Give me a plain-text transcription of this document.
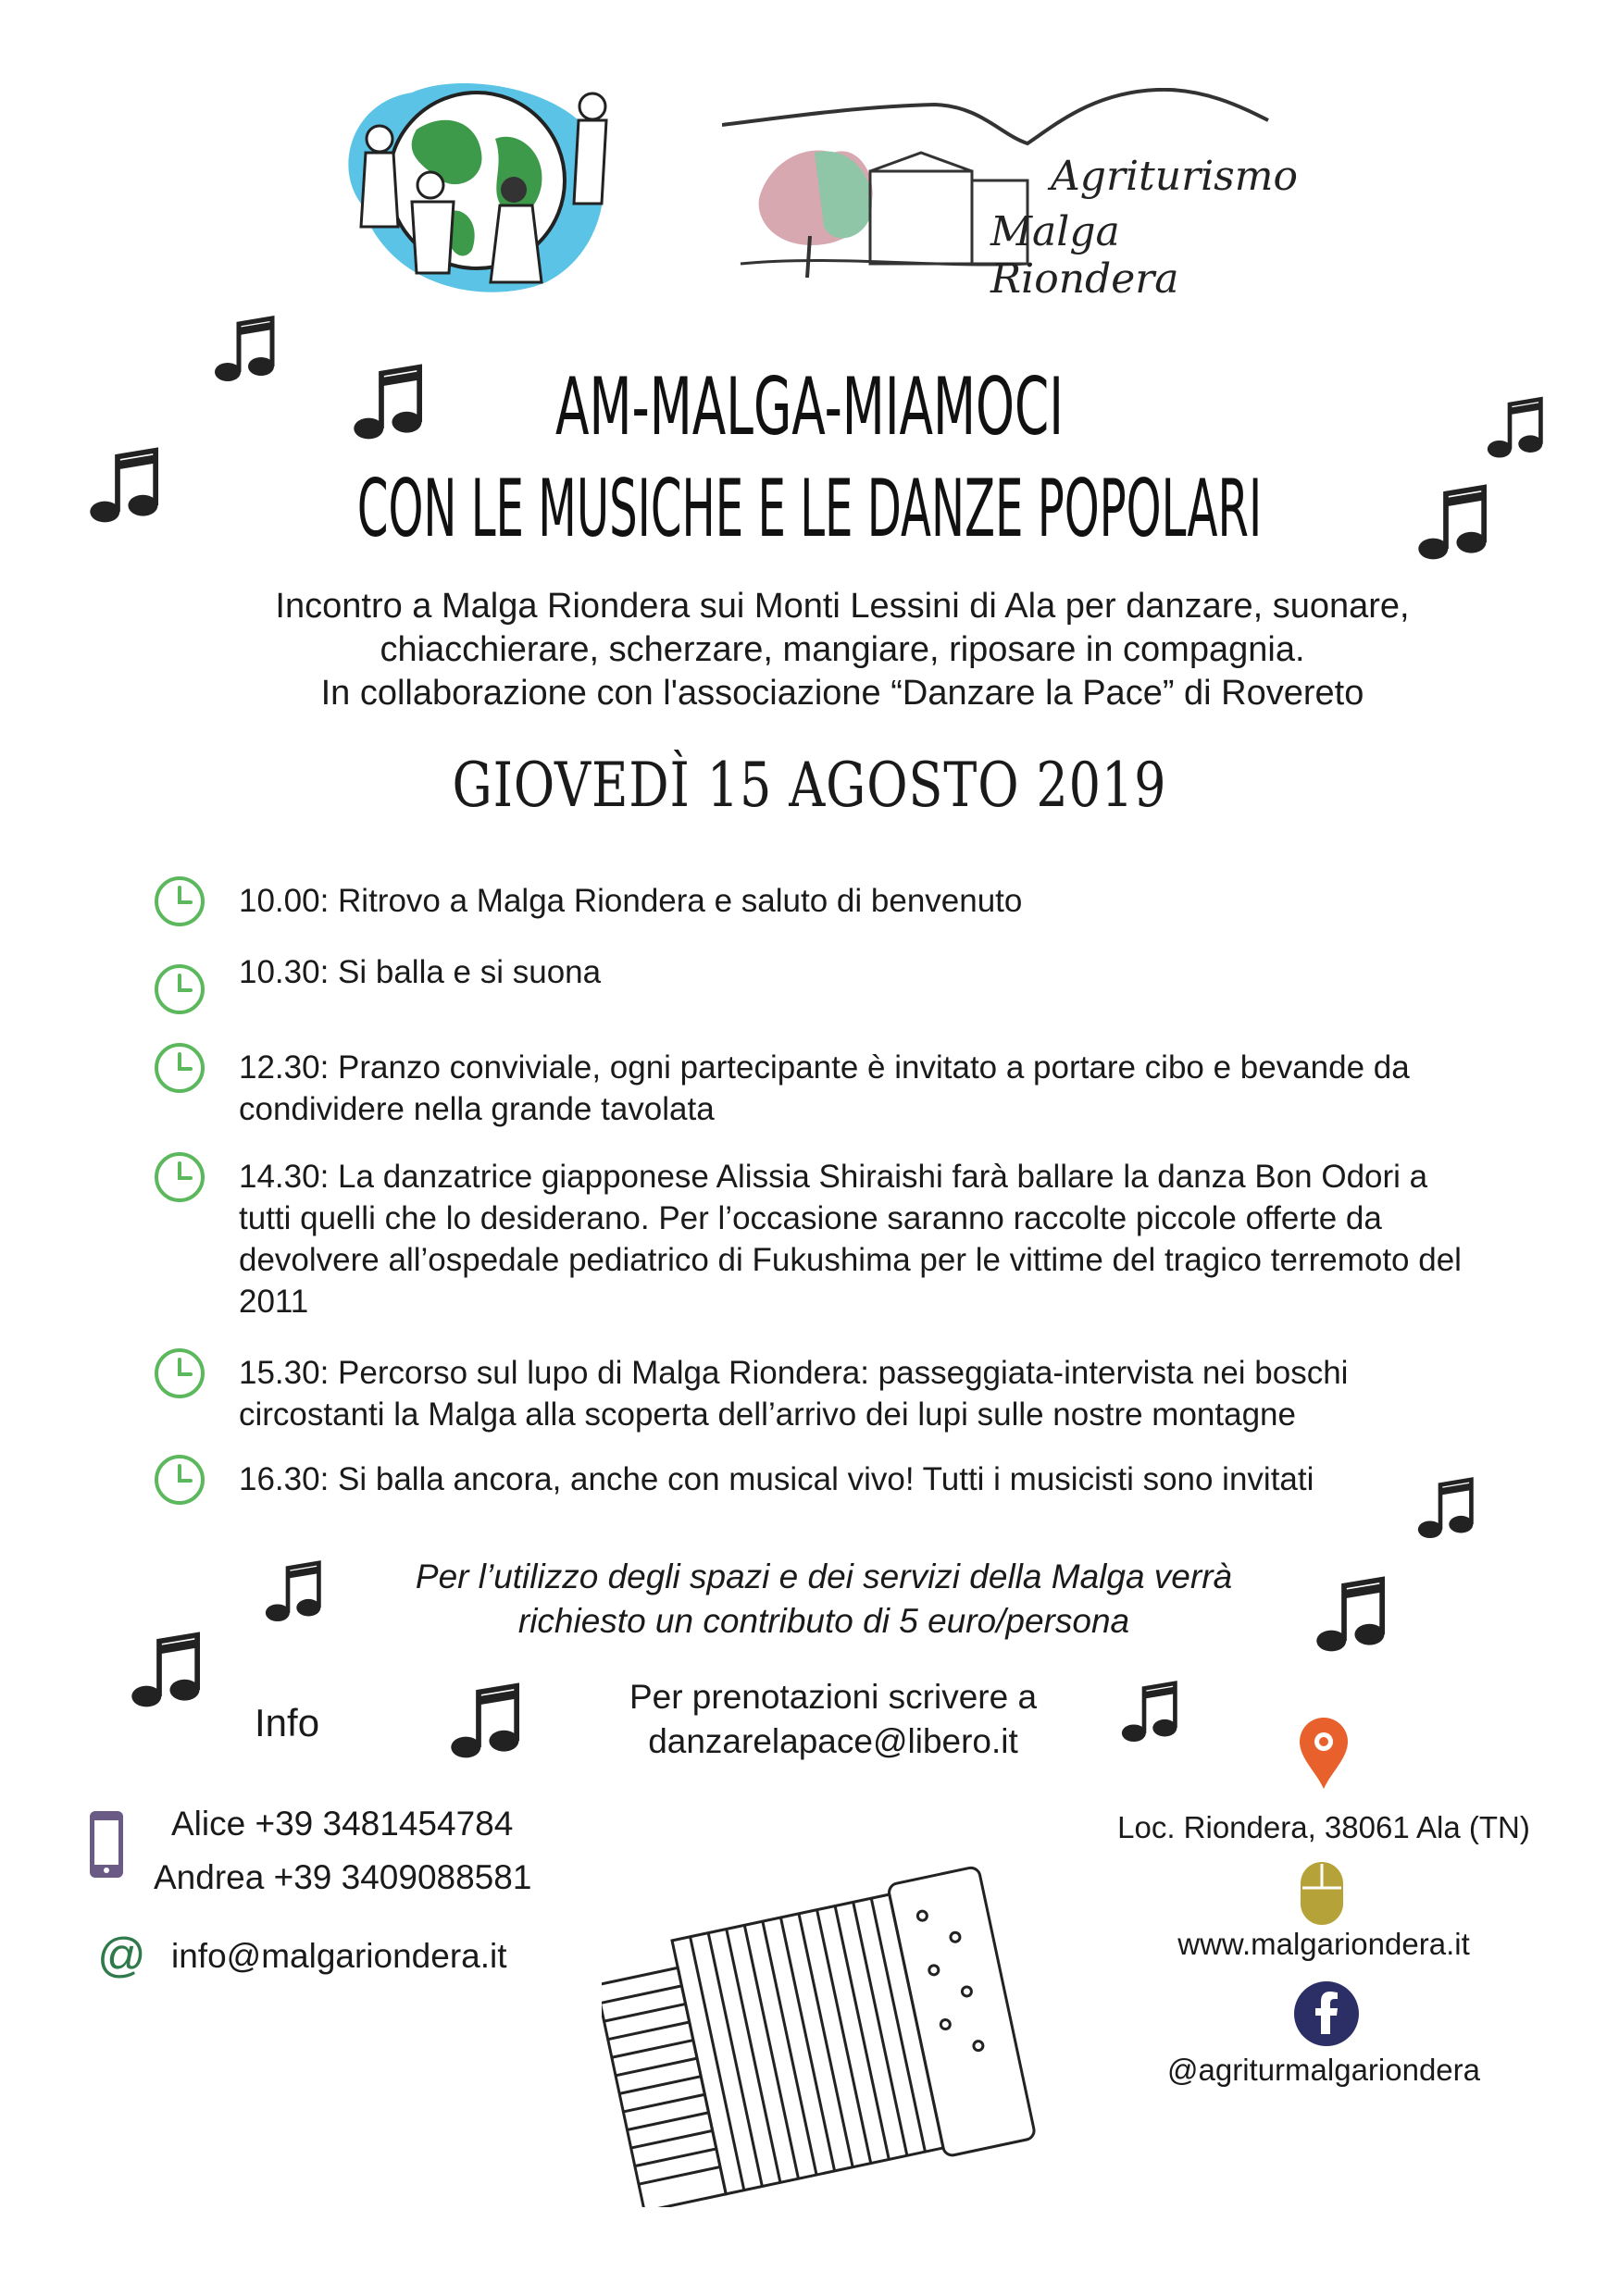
Agriturismo
Malga Riondera
AM-MALGA-MIAMOCI
CON LE MUSICHE E LE DANZE POPOLARI
Incontro a Malga Riondera sui Monti Lessini di Ala per danzare, suonare,
chiacchierare, scherzare, mangiare, riposare in compagnia.
In collaborazione con l'associazione “Danzare la Pace” di Rovereto
GIOVEDÌ 15 AGOSTO 2019
10.00: Ritrovo a Malga Riondera e saluto di benvenuto
10.30: Si balla e si suona
12.30: Pranzo conviviale, ogni partecipante è invitato a portare cibo e bevande da condividere nella grande tavolata
14.30: La danzatrice giapponese Alissia Shiraishi farà ballare la danza Bon Odori a tutti quelli che lo desiderano. Per l’occasione saranno raccolte piccole offerte da devolvere all’ospedale pediatrico di Fukushima per le vittime del tragico terremoto del 2011
15.30: Percorso sul lupo di Malga Riondera: passeggiata-intervista nei boschi circostanti la Malga alla scoperta dell’arrivo dei lupi sulle nostre montagne
16.30: Si balla ancora, anche con musical vivo! Tutti i musicisti sono invitati
Per l’utilizzo degli spazi e dei servizi della Malga verrà
richiesto un contributo di 5 euro/persona
Info
Per prenotazioni scrivere a
danzarelapace@libero.it
Alice +39 3481454784
Andrea +39 3409088581
@ info@malgariondera.it
Loc. Riondera, 38061 Ala (TN)
www.malgariondera.it
@agriturmalgariondera
